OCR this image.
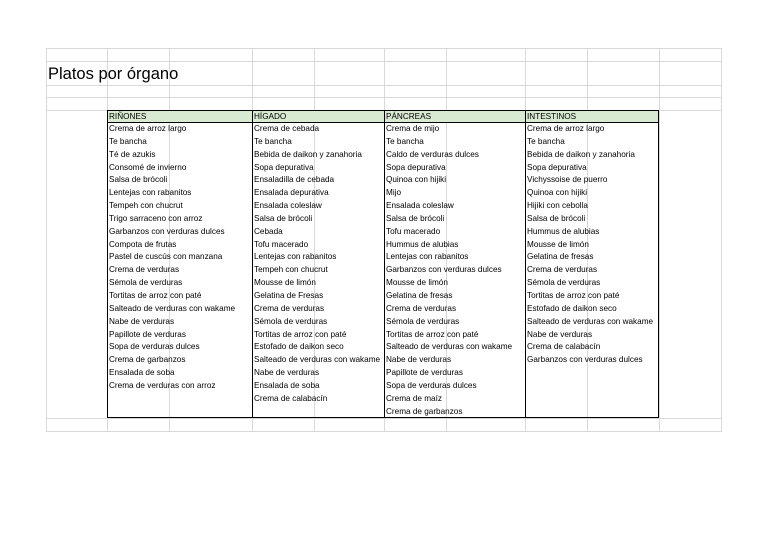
Platos por órgano
RIÑONES
Crema de arroz largo
Te bancha
Té de azukis
Consomé de invierno
Salsa de brócoli
Lentejas con rabanitos
Tempeh con chucrut
Trigo sarraceno con arroz
Garbanzos con verduras dulces
Compota de frutas
Pastel de cuscús con manzana
Crema de verduras
Sémola de verduras
Tortitas de arroz con paté
Salteado de verduras con wakame
Nabe de verduras
Papillote de verduras
Sopa de verduras dulces
Crema de garbanzos
Ensalada de soba
Crema de verduras con arroz
HÍGADO
Crema de cebada
Te bancha
Bebida de daikon y zanahoria
Sopa depurativa
Ensaladilla de cebada
Ensalada depurativa
Ensalada coleslaw
Salsa de brócoli
Cebada
Tofu macerado
Lentejas con rabanitos
Tempeh con chucrut
Mousse de limón
Gelatina de Fresas
Crema de verduras
Sémola de verduras
Tortitas de arroz con paté
Estofado de daikon seco
Salteado de verduras con wakame
Nabe de verduras
Ensalada de soba
Crema de calabacín
PÁNCREAS
Crema de mijo
Te bancha
Caldo de verduras dulces
Sopa depurativa
Quinoa con hijiki
Mijo
Ensalada coleslaw
Salsa de brócoli
Tofu macerado
Hummus de alubias
Lentejas con rabanitos
Garbanzos con verduras dulces
Mousse de limón
Gelatina de fresas
Crema de verduras
Sémola de verduras
Tortitas de arroz con paté
Salteado de verduras con wakame
Nabe de verduras
Papillote de verduras
Sopa de verduras dulces
Crema de maíz
Crema de garbanzos
INTESTINOS
Crema de arroz largo
Te bancha
Bebida de daikon y zanahoria
Sopa depurativa
Vichyssoise de puerro
Quinoa con hijiki
Hijiki con cebolla
Salsa de brócoli
Hummus de alubias
Mousse de limón
Gelatina de fresas
Crema de verduras
Sémola de verduras
Tortitas de arroz con paté
Estofado de daikon seco
Salteado de verduras con wakame
Nabe de verduras
Crema de calabacín
Garbanzos con verduras dulces
